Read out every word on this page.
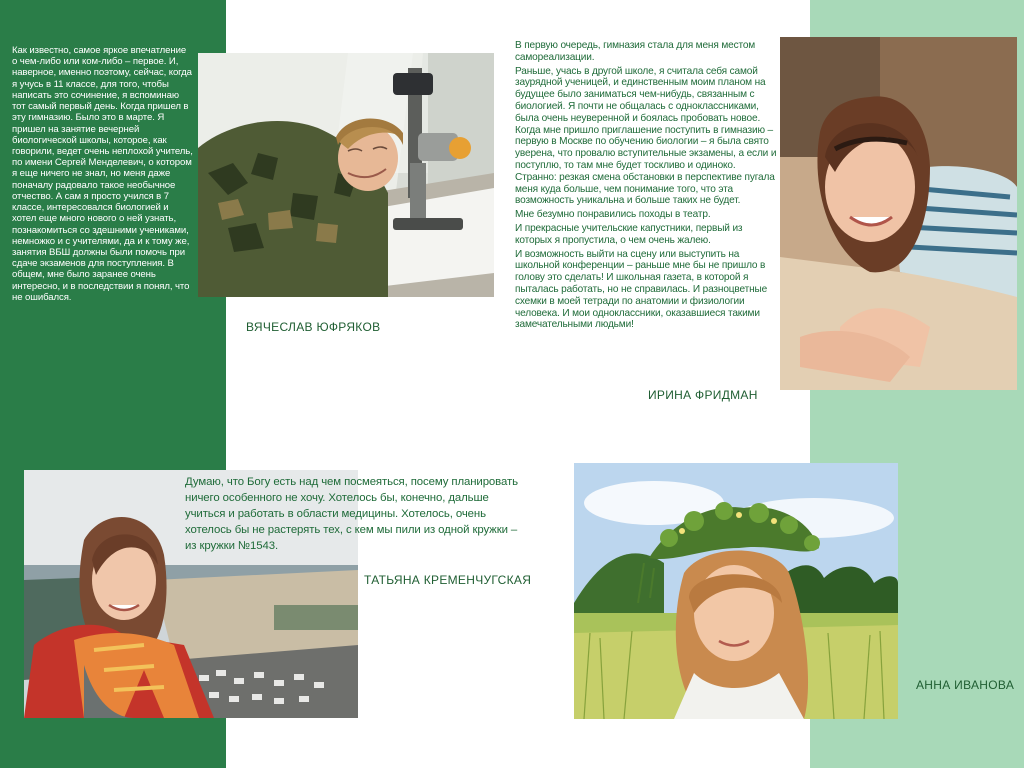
Как известно, самое яркое впечатление о чем-либо или ком-либо – первое. И, наверное, именно поэтому, сейчас, когда я учусь в 11 классе, для того, чтобы написать это сочинение, я вспоминаю тот самый первый день. Когда пришел в эту гимназию. Было это в марте. Я пришел на занятие вечерней биологической школы, которое, как говорили, ведет очень неплохой учитель, по имени Сергей Менделевич, о котором я еще ничего не знал, но меня даже поначалу радовало такое необычное отчество. А сам я просто учился в 7 классе, интересовался биологией и хотел еще много нового о ней узнать, познакомиться со здешними учениками, немножко и с учителями, да и к тому же, занятия ВБШ должны были помочь при сдаче экзаменов для поступления. В общем, мне было заранее очень интересно, и в последствии я понял, что не ошибался.

ВЯЧЕСЛАВ ЮФРЯКОВ

В первую очередь, гимназия стала для меня местом самореализации.

Раньше, учась в другой школе, я считала себя самой заурядной ученицей, и единственным моим планом на будущее было заниматься чем-нибудь, связанным с биологией. Я почти не общалась с одноклассниками, была очень неуверенной и боялась пробовать новое. Когда мне пришло приглашение поступить в гимназию – первую в Москве по обучению биологии – я была свято уверена, что провалю вступительные экзамены, а если и поступлю, то там мне будет тоскливо и одиноко. Странно: резкая смена обстановки в перспективе пугала меня куда больше, чем понимание того, что эта возможность уникальна и больше таких не будет.

Мне безумно понравились походы в театр.

И прекрасные учительские капустники, первый из которых я пропустила, о чем очень жалею.

И возможность выйти на сцену или выступить на школьной конференции – раньше мне бы не пришло в голову это сделать! И школьная газета, в которой я пыталась работать, но не справилась. И разноцветные схемки в моей тетради по анатомии и физиологии человека. И мои одноклассники, оказавшиеся такими замечательными людьми!

ИРИНА ФРИДМАН

Думаю, что Богу есть над чем посмеяться, посему планировать ничего особенного не хочу. Хотелось бы, конечно, дальше учиться и работать в области медицины. Хотелось, очень хотелось бы не растерять тех, с кем мы пили из одной кружки – из кружки №1543.

ТАТЬЯНА КРЕМЕНЧУГСКАЯ

АННА ИВАНОВА
